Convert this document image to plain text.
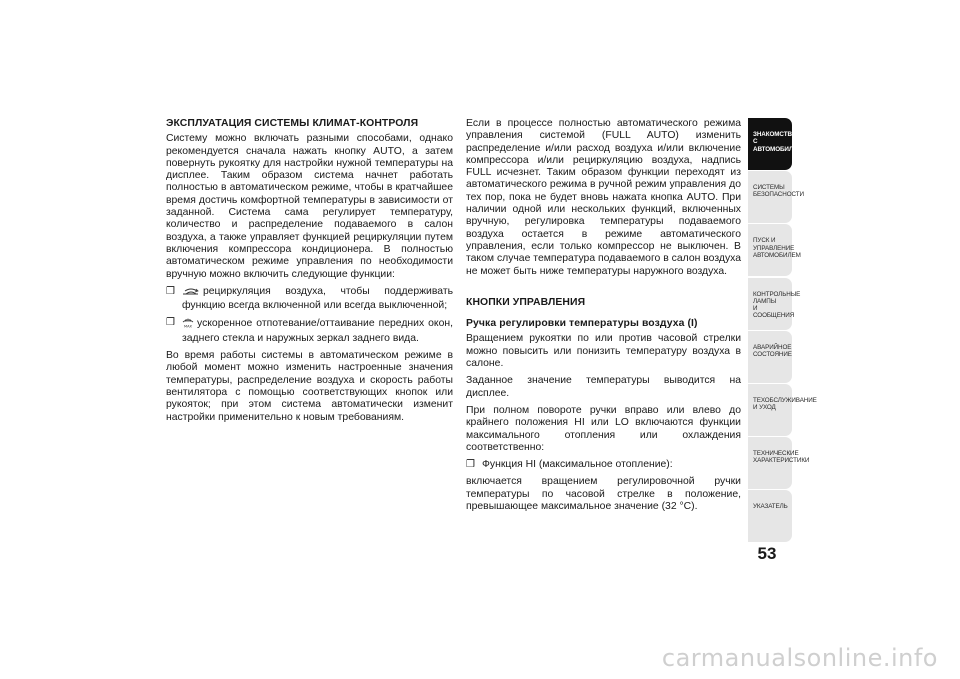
ЭКСПЛУАТАЦИЯ СИСТЕМЫ КЛИМАТ-КОНТРОЛЯ
Систему можно включать разными способами, однако рекомендуется сначала нажать кнопку AUTO, а затем повернуть рукоятку для настройки нужной температуры на дисплее. Таким образом система начнет работать полностью в автоматическом режиме, чтобы в кратчайшее время достичь комфортной температуры в зависимости от заданной. Система сама регулирует температуру, количество и распределение подаваемого в салон воздуха, а также управляет функцией рециркуляции путем включения компрессора кондиционера. В полностью автоматическом режиме управления по необходимости вручную можно включить следующие функции:
❒	рециркуляция воздуха, чтобы поддерживать функцию всегда включенной или всегда выключенной;
❒	MAX ускоренное отпотевание/оттаивание передних окон, заднего стекла и наружных зеркал заднего вида.
Во время работы системы в автоматическом режиме в любой момент можно изменить настроенные значения температуры, распределение воздуха и скорость работы вентилятора с помощью соответствующих кнопок или рукояток; при этом система автоматически изменит настройки применительно к новым требованиям.
Если в процессе полностью автоматического режима управления системой (FULL AUTO) изменить распределение и/или расход воздуха и/или включение компрессора и/или рециркуляцию воздуха, надпись FULL исчезнет. Таким образом функции переходят из автоматического режима в ручной режим управления до тех пор, пока не будет вновь нажата кнопка AUTO. При наличии одной или нескольких функций, включенных вручную, регулировка температуры подаваемого воздуха остается в режиме автоматического управления, если только компрессор не выключен. В таком случае температура подаваемого в салон воздуха не может быть ниже температуры наружного воздуха.
КНОПКИ УПРАВЛЕНИЯ
Ручка регулировки температуры воздуха (I)
Вращением рукоятки по или против часовой стрелки можно повысить или понизить температуру воздуха в салоне.
Заданное значение температуры выводится на дисплее.
При полном повороте ручки вправо или влево до крайнего положения HI или LO включаются функции максимального отопления или охлаждения соответственно:
❒ Функция HI (максимальное отопление):
включается вращением регулировочной ручки температуры по часовой стрелке в положение, превышающее максимальное значение (32 °C).
ЗНАКОМСТВО С
АВТОМОБИЛЕМ
СИСТЕМЫ
БЕЗОПАСНОСТИ
ПУСК И УПРАВЛЕНИЕ
АВТОМОБИЛЕМ
КОНТРОЛЬНЫЕ
ЛАМПЫ
И СООБЩЕНИЯ
АВАРИЙНОЕ
СОСТОЯНИЕ
ТЕХОБСЛУЖИВАНИЕ
И УХОД
ТЕХНИЧЕСКИЕ
ХАРАКТЕРИСТИКИ
УКАЗАТЕЛЬ
53
carmanualsonline.info
